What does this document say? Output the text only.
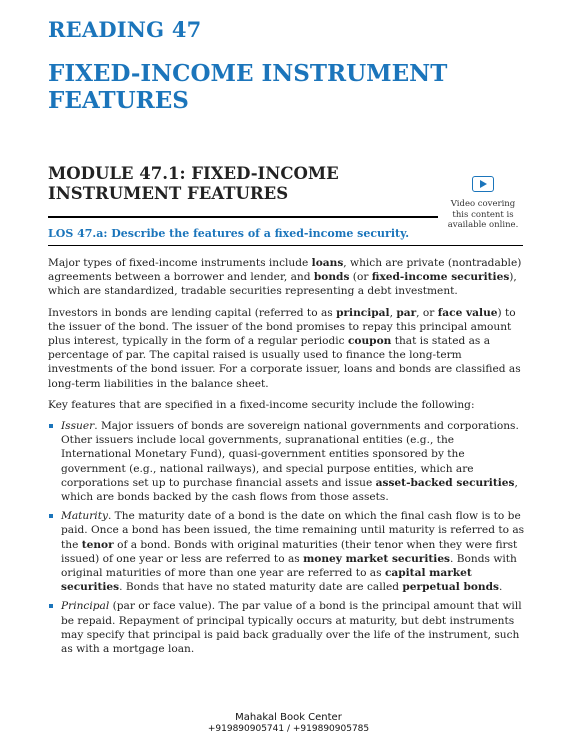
READING 47
FIXED-INCOME INSTRUMENT FEATURES
MODULE 47.1: FIXED-INCOME INSTRUMENT FEATURES
Video covering this content is available online.
LOS 47.a: Describe the features of a fixed-income security.

Major types of fixed-income instruments include loans, which are private (nontradable) agreements between a borrower and lender, and bonds (or fixed-income securities), which are standardized, tradable securities representing a debt investment.

Investors in bonds are lending capital (referred to as principal, par, or face value) to the issuer of the bond. The issuer of the bond promises to repay this principal amount plus interest, typically in the form of a regular periodic coupon that is stated as a percentage of par. The capital raised is usually used to finance the long-term investments of the bond issuer. For a corporate issuer, loans and bonds are classified as long-term liabilities in the balance sheet.

Key features that are specified in a fixed-income security include the following:

Issuer. Major issuers of bonds are sovereign national governments and corporations. Other issuers include local governments, supranational entities (e.g., the International Monetary Fund), quasi-government entities sponsored by the government (e.g., national railways), and special purpose entities, which are corporations set up to purchase financial assets and issue asset-backed securities, which are bonds backed by the cash flows from those assets.
Maturity. The maturity date of a bond is the date on which the final cash flow is to be paid. Once a bond has been issued, the time remaining until maturity is referred to as the tenor of a bond. Bonds with original maturities (their tenor when they were first issued) of one year or less are referred to as money market securities. Bonds with original maturities of more than one year are referred to as capital market securities. Bonds that have no stated maturity date are called perpetual bonds.
Principal (par or face value). The par value of a bond is the principal amount that will be repaid. Repayment of principal typically occurs at maturity, but debt instruments may specify that principal is paid back gradually over the life of the instrument, such as with a mortgage loan.
Mahakal Book Center
+919890905741 / +919890905785
